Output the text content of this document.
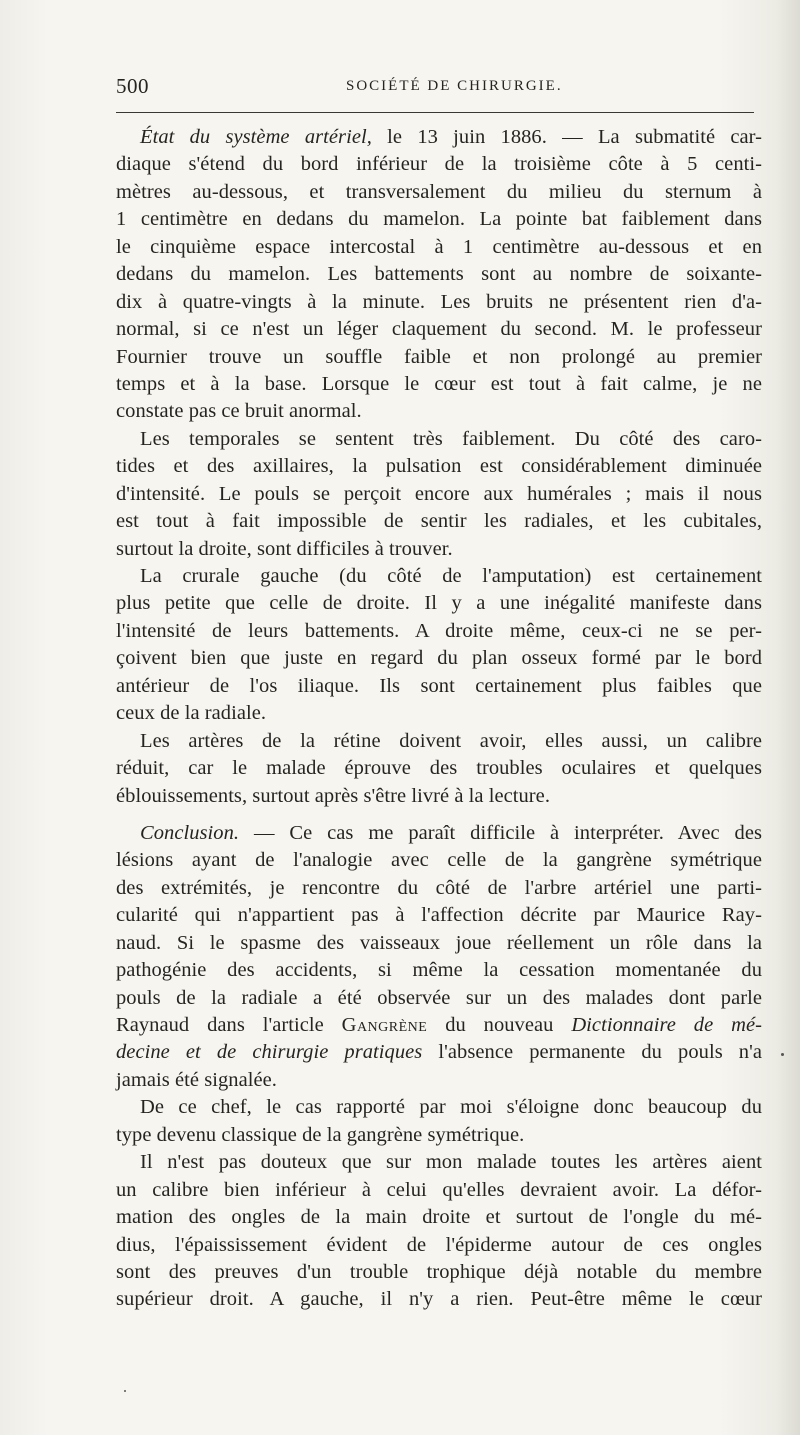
500	SOCIÉTÉ DE CHIRURGIE.
État du système artériel, le 13 juin 1886. — La submatité car-
diaque s'étend du bord inférieur de la troisième côte à 5 centi-
mètres au-dessous, et transversalement du milieu du sternum à
1 centimètre en dedans du mamelon. La pointe bat faiblement dans
le cinquième espace intercostal à 1 centimètre au-dessous et en
dedans du mamelon. Les battements sont au nombre de soixante-
dix à quatre-vingts à la minute. Les bruits ne présentent rien d'a-
normal, si ce n'est un léger claquement du second. M. le professeur
Fournier trouve un souffle faible et non prolongé au premier
temps et à la base. Lorsque le cœur est tout à fait calme, je ne
constate pas ce bruit anormal.
Les temporales se sentent très faiblement. Du côté des caro-
tides et des axillaires, la pulsation est considérablement diminuée
d'intensité. Le pouls se perçoit encore aux humérales ; mais il nous
est tout à fait impossible de sentir les radiales, et les cubitales,
surtout la droite, sont difficiles à trouver.
La crurale gauche (du côté de l'amputation) est certainement
plus petite que celle de droite. Il y a une inégalité manifeste dans
l'intensité de leurs battements. A droite même, ceux-ci ne se per-
çoivent bien que juste en regard du plan osseux formé par le bord
antérieur de l'os iliaque. Ils sont certainement plus faibles que
ceux de la radiale.
Les artères de la rétine doivent avoir, elles aussi, un calibre
réduit, car le malade éprouve des troubles oculaires et quelques
éblouissements, surtout après s'être livré à la lecture.
Conclusion. — Ce cas me paraît difficile à interpréter. Avec des
lésions ayant de l'analogie avec celle de la gangrène symétrique
des extrémités, je rencontre du côté de l'arbre artériel une parti-
cularité qui n'appartient pas à l'affection décrite par Maurice Ray-
naud. Si le spasme des vaisseaux joue réellement un rôle dans la
pathogénie des accidents, si même la cessation momentanée du
pouls de la radiale a été observée sur un des malades dont parle
Raynaud dans l'article Gangrène du nouveau Dictionnaire de mé-
decine et de chirurgie pratiques l'absence permanente du pouls n'a
jamais été signalée.
De ce chef, le cas rapporté par moi s'éloigne donc beaucoup du
type devenu classique de la gangrène symétrique.
Il n'est pas douteux que sur mon malade toutes les artères aient
un calibre bien inférieur à celui qu'elles devraient avoir. La défor-
mation des ongles de la main droite et surtout de l'ongle du mé-
dius, l'épaississement évident de l'épiderme autour de ces ongles
sont des preuves d'un trouble trophique déjà notable du membre
supérieur droit. A gauche, il n'y a rien. Peut-être même le cœur
